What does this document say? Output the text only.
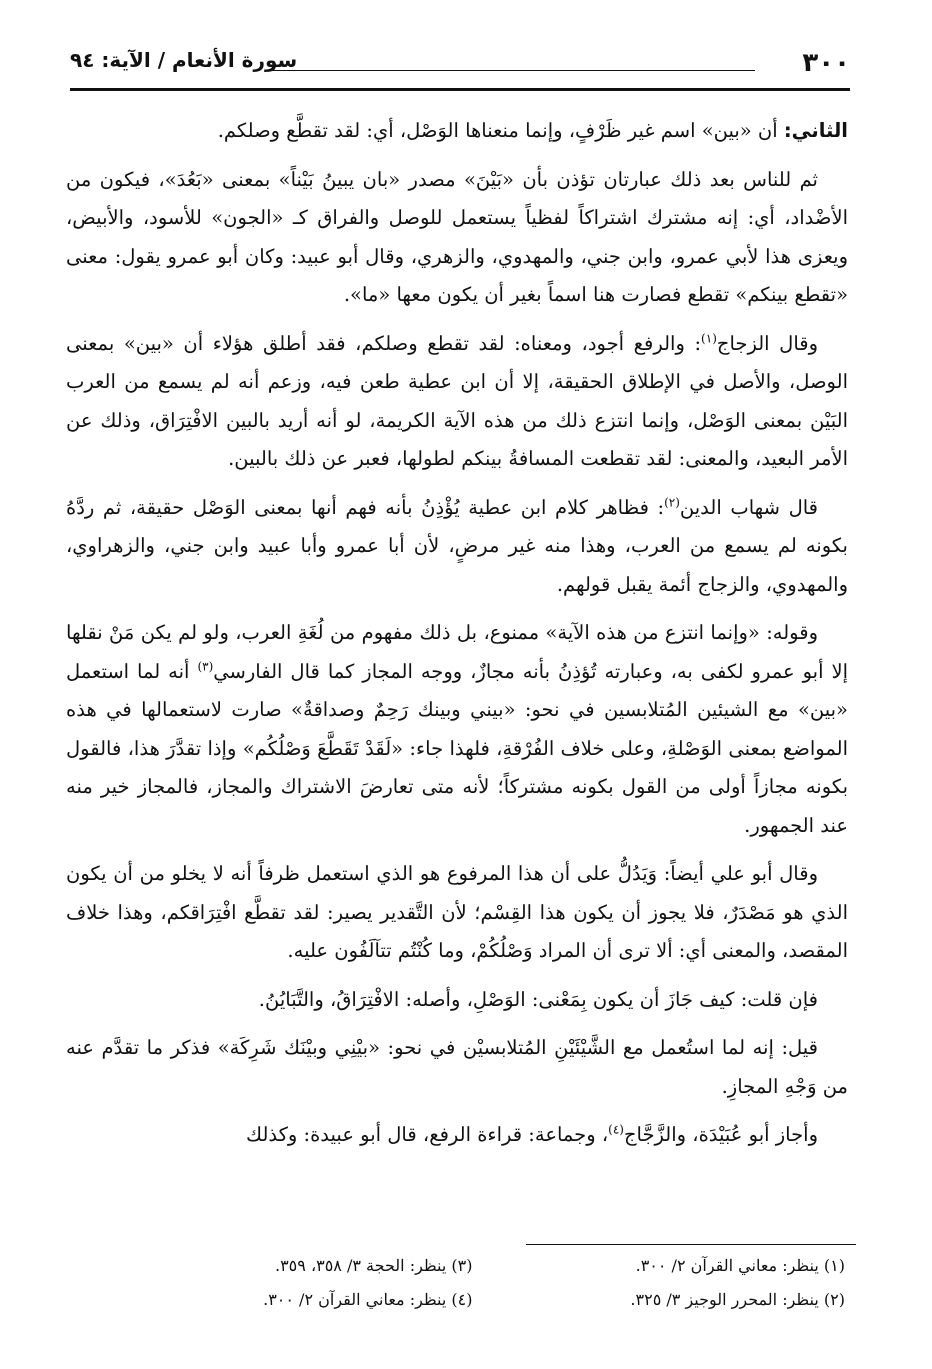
٣٠٠
سورة الأنعام / الآية: ٩٤

الثاني: أن «بين» اسم غير ظَرْفٍ، وإنما منعناها الوَصْل، أي: لقد تقطَّع وصلكم.

ثم للناس بعد ذلك عبارتان تؤذن بأن «بَيْنَ» مصدر «بان يبينُ بَيْناً» بمعنى «بَعُدَ»، فيكون من الأضْداد، أي: إنه مشترك اشتراكاً لفظياً يستعمل للوصل والفراق كـ «الجون» للأسود، والأبيض، ويعزى هذا لأبي عمرو، وابن جني، والمهدوي، والزهري، وقال أبو عبيد: وكان أبو عمرو يقول: معنى «تقطع بينكم» تقطع فصارت هنا اسماً بغير أن يكون معها «ما».

وقال الزجاج$^{(١)}$: والرفع أجود، ومعناه: لقد تقطع وصلكم، فقد أطلق هؤلاء أن «بين» بمعنى الوصل، والأصل في الإطلاق الحقيقة، إلا أن ابن عطية طعن فيه، وزعم أنه لم يسمع من العرب البَيْن بمعنى الوَصْل، وإنما انتزع ذلك من هذه الآية الكريمة، لو أنه أريد بالبين الافْتِرَاق، وذلك عن الأمر البعيد، والمعنى: لقد تقطعت المسافةُ بينكم لطولها، فعبر عن ذلك بالبين.

قال شهاب الدين$^{(٢)}$: فظاهر كلام ابن عطية يُؤْذِنُ بأنه فهم أنها بمعنى الوَصْل حقيقة، ثم ردَّهُ بكونه لم يسمع من العرب، وهذا منه غير مرضٍ، لأن أبا عمرو وأبا عبيد وابن جني، والزهراوي، والمهدوي، والزجاج أئمة يقبل قولهم.

وقوله: «وإنما انتزع من هذه الآية» ممنوع، بل ذلك مفهوم من لُغَةِ العرب، ولو لم يكن مَنْ نقلها إلا أبو عمرو لكفى به، وعبارته تُؤذِنُ بأنه مجازٌ، ووجه المجاز كما قال الفارسي$^{(٣)}$ أنه لما استعمل «بين» مع الشيئين المُتلابسين في نحو: «بيني وبينك رَحِمٌ وصداقةٌ» صارت لاستعمالها في هذه المواضع بمعنى الوَصْلةِ، وعلى خلاف الفُرْقةِ، فلهذا جاء: «لَقَدْ تَقَطَّعَ وَصْلُكُم» وإذا تقدَّرَ هذا، فالقول بكونه مجازاً أولى من القول بكونه مشتركاً؛ لأنه متى تعارضَ الاشتراك والمجاز، فالمجاز خير منه عند الجمهور.

وقال أبو علي أيضاً: وَيَدُلُّ على أن هذا المرفوع هو الذي استعمل ظرفاً أنه لا يخلو من أن يكون الذي هو مَصْدَرٌ، فلا يجوز أن يكون هذا القِسْم؛ لأن التَّقدير يصير: لقد تقطَّع افْتِرَاقكم، وهذا خلاف المقصد، والمعنى أي: ألا ترى أن المراد وَصْلُكُمْ، وما كُنْتُم تتآلَفُون عليه.

فإن قلت: كيف جَازَ أن يكون بِمَعْنى: الوَصْلِ، وأصله: الافْتِرَاقُ، والتَّبَايُنُ.

قيل: إنه لما استُعمل مع الشَّيْئَيْنِ المُتلابسيْن في نحو: «بيْنِي وبيْنَك شَرِكَة» فذكر ما تقدَّم عنه من وَجْهِ المجازِ.

وأجاز أبو عُبَيْدَة، والزَّجَّاج$^{(٤)}$، وجماعة: قراءة الرفع، قال أبو عبيدة: وكذلك

(١) ينظر: معاني القرآن ٢/ ٣٠٠.
(٣) ينظر: الحجة ٣/ ٣٥٨، ٣٥٩.
(٢) ينظر: المحرر الوجيز ٣/ ٣٢٥.
(٤) ينظر: معاني القرآن ٢/ ٣٠٠.
